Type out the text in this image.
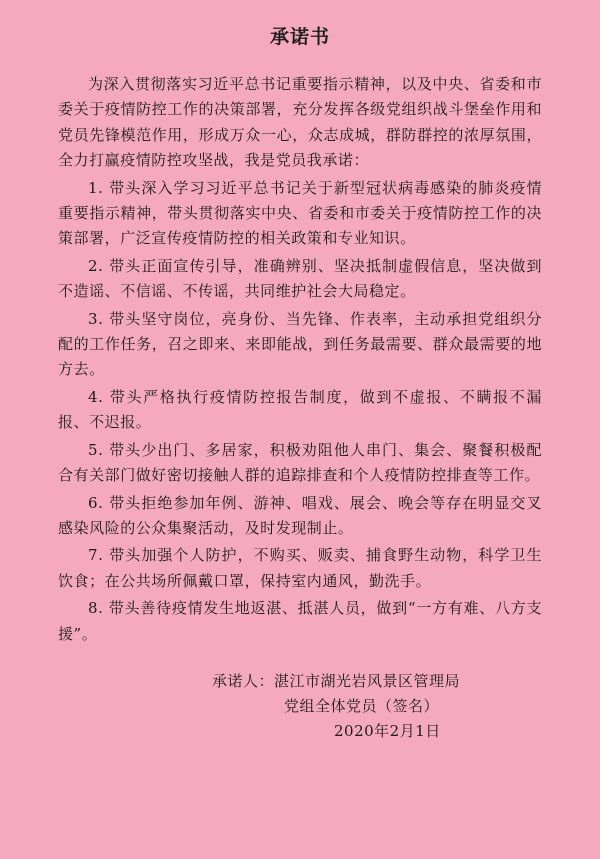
承诺书

为深入贯彻落实习近平总书记重要指示精神，以及中央、省委和市委关于疫情防控工作的决策部署，充分发挥各级党组织战斗堡垒作用和党员先锋模范作用，形成万众一心，众志成城，群防群控的浓厚氛围，全力打赢疫情防控攻坚战，我是党员我承诺：

1. 带头深入学习习近平总书记关于新型冠状病毒感染的肺炎疫情重要指示精神，带头贯彻落实中央、省委和市委关于疫情防控工作的决策部署，广泛宣传疫情防控的相关政策和专业知识。

2. 带头正面宣传引导，准确辨别、坚决抵制虚假信息，坚决做到不造谣、不信谣、不传谣，共同维护社会大局稳定。

3. 带头坚守岗位，亮身份、当先锋、作表率，主动承担党组织分配的工作任务，召之即来、来即能战，到任务最需要、群众最需要的地方去。

4. 带头严格执行疫情防控报告制度，做到不虚报、不瞒报不漏报、不迟报。

5. 带头少出门、多居家，积极劝阻他人串门、集会、聚餐积极配合有关部门做好密切接触人群的追踪排查和个人疫情防控排查等工作。

6. 带头拒绝参加年例、游神、唱戏、展会、晚会等存在明显交叉感染风险的公众集聚活动，及时发现制止。

7. 带头加强个人防护，不购买、贩卖、捕食野生动物，科学卫生饮食；在公共场所佩戴口罩，保持室内通风，勤洗手。

8. 带头善待疫情发生地返湛、抵湛人员，做到“一方有难、八方支援”。

承诺人：湛江市湖光岩风景区管理局
党组全体党员（签名）
2020年2月1日
